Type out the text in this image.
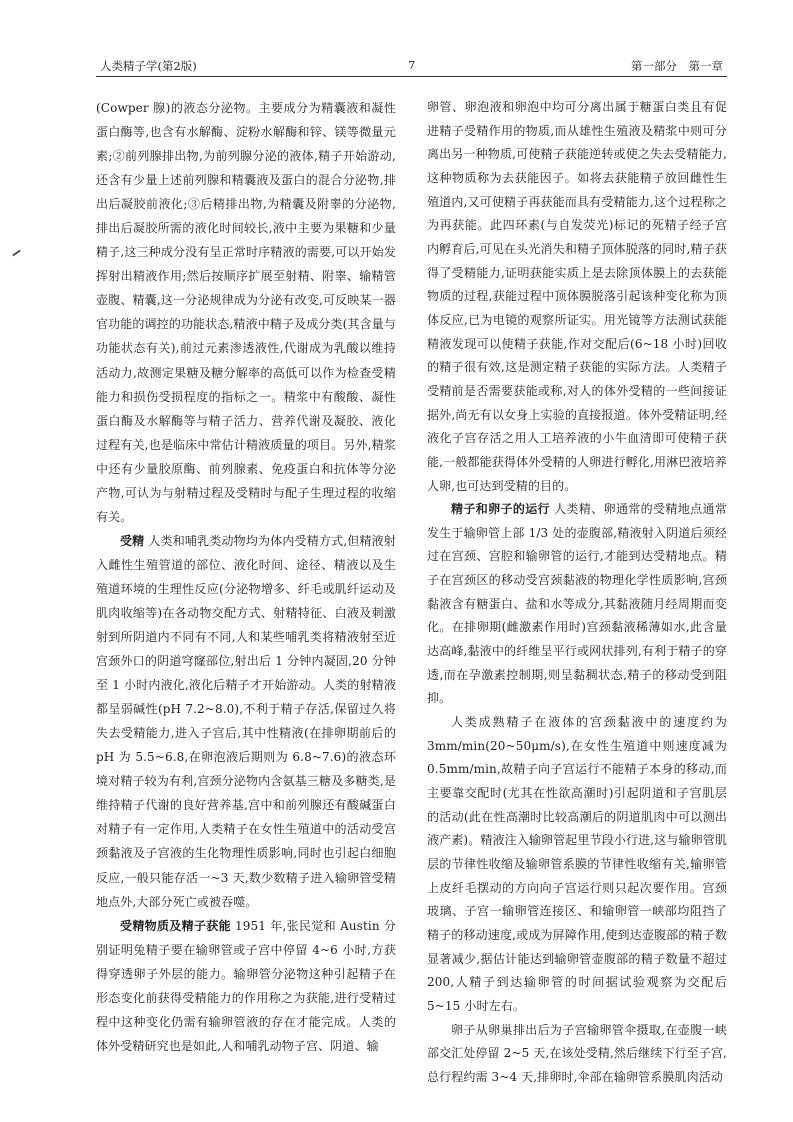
人类精子学(第2版)	7	第一部分　第一章

(Cowper 腺)的液态分泌物。主要成分为精囊液和凝性蛋白酶等,也含有水解酶、淀粉水解酶和锌、镁等微量元素;②前列腺排出物,为前列腺分泌的液体,精子开始游动,还含有少量上述前列腺和精囊液及蛋白的混合分泌物,排出后凝胶前液化;③后精排出物,为精囊及附睾的分泌物,排出后凝胶所需的液化时间较长,液中主要为果糖和少量精子,这三种成分没有呈正常时序精液的需要,可以开始发挥射出精液作用;然后按顺序扩展至射精、附睾、输精管壶腹、精囊,这一分泌规律成为分泌有改变,可反映某一器官功能的调控的功能状态,精液中精子及成分类(其含量与功能状态有关),前过元素渗透液性,代谢成为乳酸以维持活动力,故测定果糖及糖分解率的高低可以作为检查受精能力和损伤受损程度的指标之一。精浆中有酸酸、凝性蛋白酶及水解酶等与精子活力、营养代谢及凝胶、液化过程有关,也是临床中常估计精液质量的项目。另外,精浆中还有少量胶原酶、前列腺素、免疫蛋白和抗体等分泌产物,可认为与射精过程及受精时与配子生理过程的收缩有关。

受精 人类和哺乳类动物均为体内受精方式,但精液射入雌性生殖管道的部位、液化时间、途径、精液以及生殖道环境的生理性反应(分泌物增多、纤毛或肌纤运动及肌肉收缩等)在各动物交配方式、射精特征、白液及刺激射到所阴道内不同有不同,人和某些哺乳类将精液射至近宫颈外口的阴道穹窿部位,射出后 1 分钟内凝固,20 分钟至 1 小时内液化,液化后精子才开始游动。人类的射精液都呈弱碱性(pH 7.2~8.0),不利于精子存活,保留过久将失去受精能力,进入子宫后,其中性精液(在排卵期前后的 pH 为 5.5~6.8,在卵泡液后期则为 6.8~7.6)的液态环境对精子较为有利,宫颈分泌物内含氨基三糖及多糖类,是维持精子代谢的良好营养基,宫中和前列腺还有酸碱蛋白对精子有一定作用,人类精子在女性生殖道中的活动受宫颈黏液及子宫液的生化物理性质影响,同时也引起白细胞反应,一般只能存活一~3 天,数少数精子进入输卵管受精地点外,大部分死亡或被吞噬。

受精物质及精子获能 1951 年,张民觉和 Austin 分别证明兔精子要在输卵管或子宫中停留 4~6 小时,方获得穿透卵子外层的能力。输卵管分泌物这种引起精子在形态变化前获得受精能力的作用称之为获能,进行受精过程中这种变化仍需有输卵管液的存在才能完成。人类的体外受精研究也是如此,人和哺乳动物子宫、阴道、输

卵管、卵泡液和卵泡中均可分离出属于糖蛋白类且有促进精子受精作用的物质,而从雄性生殖液及精浆中则可分离出另一种物质,可使精子获能逆转或使之失去受精能力,这种物质称为去获能因子。如将去获能精子放回雌性生殖道内,又可使精子再获能而具有受精能力,这个过程称之为再获能。此四环素(与自发荧光)标记的死精子经子宫内孵育后,可见在头光消失和精子顶体脱落的同时,精子获得了受精能力,证明获能实质上是去除顶体膜上的去获能物质的过程,获能过程中顶体膜脱落引起该种变化称为顶体反应,已为电镜的观察所证实。用光镜等方法测试获能精液发现可以使精子获能,作对交配后(6~18 小时)回收的精子很有效,这是测定精子获能的实际方法。人类精子受精前是否需要获能或称,对人的体外受精的一些间接证据外,尚无有以女身上实验的直接报道。体外受精证明,经液化子宫存活之用人工培养液的小牛血清即可使精子获能,一般都能获得体外受精的人卵进行孵化,用淋巴液培养人卵,也可达到受精的目的。

精子和卵子的运行 人类精、卵通常的受精地点通常发生于输卵管上部 1/3 处的壶腹部,精液射入阴道后须经过在宫颈、宫腔和输卵管的运行,才能到达受精地点。精子在宫颈区的移动受宫颈黏液的物理化学性质影响,宫颈黏液含有糖蛋白、盐和水等成分,其黏液随月经周期而变化。在排卵期(雌激素作用时)宫颈黏液稀薄如水,此含量达高峰,黏液中的纤维呈平行或网状排列,有利于精子的穿透,而在孕激素控制期,则呈黏稠状态,精子的移动受到阻抑。

人类成熟精子在液体的宫颈黏液中的速度约为 3mm/min(20~50μm/s),在女性生殖道中则速度减为 0.5mm/min,故精子向子宫运行不能精子本身的移动,而主要靠交配时(尤其在性欲高潮时)引起阴道和子宫肌层的活动(此在性高潮时比较高潮后的阴道肌肉中可以测出液产素)。精液注入输卵管起里节段小行进,这与输卵管肌层的节律性收缩及输卵管系膜的节律性收缩有关,输卵管上皮纤毛摆动的方向向子宫运行则只起次要作用。宫颈玻璃、子宫一输卵管连接区、和输卵管一峡部均阻挡了精子的移动速度,或成为屏障作用,使到达壶腹部的精子数显著减少,据估计能达到输卵管壶腹部的精子数量不超过 200,人精子到达输卵管的时间据试验观察为交配后 5~15 小时左右。

卵子从卵巢排出后为子宫输卵管伞摄取,在壶腹一峡部交汇处停留 2~5 天,在该处受精,然后继续下行至子宫,总行程约需 3~4 天,排卵时,伞部在输卵管系膜肌肉活动
